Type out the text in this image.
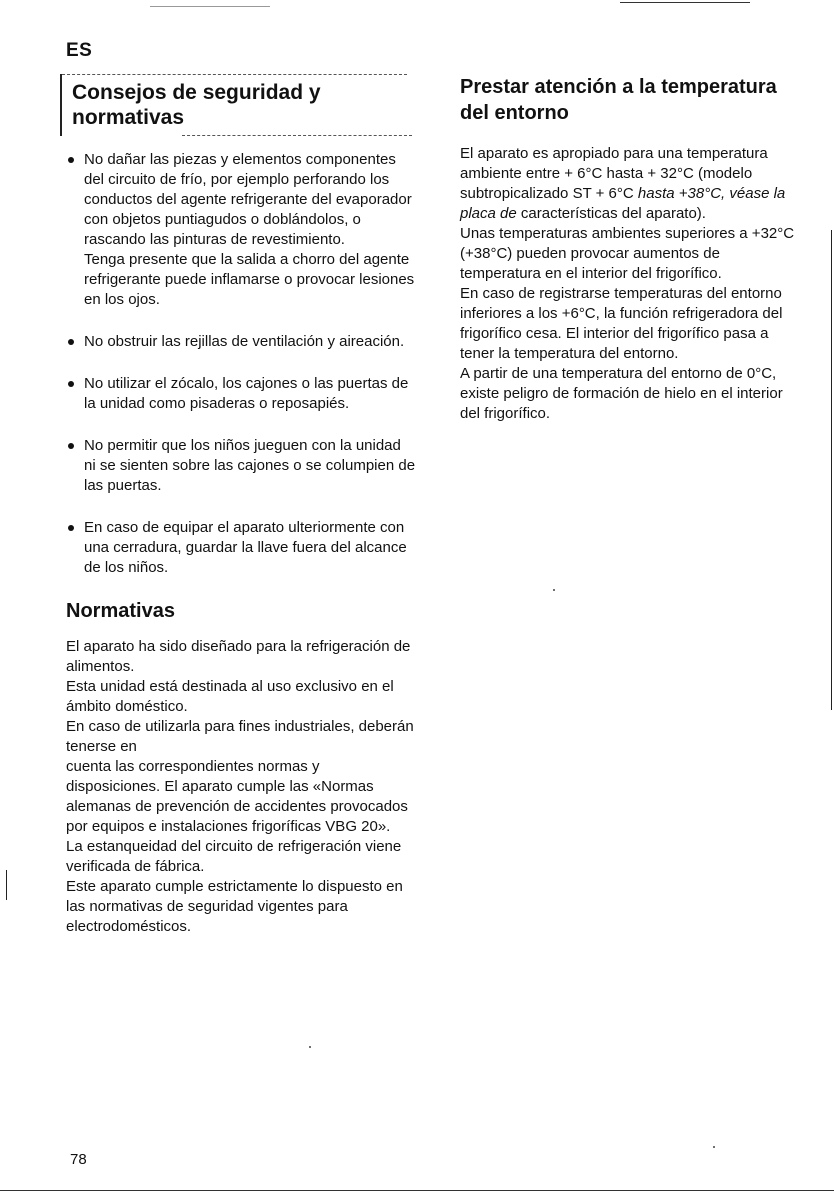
ES
Consejos de seguridad y normativas

No dañar las piezas y elementos componentes del circuito de frío, por ejemplo perforando los conductos del agente refrigerante del evaporador con objetos puntiagudos o doblándolos, o rascando las pinturas de revestimiento.

Tenga presente que la salida a chorro del agente refrigerante puede inflamarse o provocar lesiones en los ojos.

No obstruir las rejillas de ventilación y aireación.

No utilizar el zócalo, los cajones o las puertas de la unidad como pisaderas o reposapiés.

No permitir que los niños jueguen con la unidad ni se sienten sobre las cajones o se columpien de las puertas.

En caso de equipar el aparato ulteriormente con una cerradura, guardar la llave fuera del alcance de los niños.

Normativas

El aparato ha sido diseñado para la refrigeración de alimentos.

Esta unidad está destinada al uso exclusivo en el ámbito doméstico.

En caso de utilizarla para fines industriales, deberán tenerse en

cuenta las correspondientes normas y disposiciones. El aparato cumple las «Normas alemanas de prevención de accidentes provocados por equipos e instalaciones frigoríficas VBG 20».

La estanqueidad del circuito de refrigeración viene verificada de fábrica.

Este aparato cumple estrictamente lo dispuesto en las normativas de seguridad vigentes para electrodomésticos.

Prestar atención a la temperatura del entorno

El aparato es apropiado para una temperatura ambiente entre + 6°C hasta + 32°C (modelo subtropicalizado ST + 6°C hasta +38°C, véase la placa de características del aparato).

Unas temperaturas ambientes superiores a +32°C (+38°C) pueden provocar aumentos de temperatura en el interior del frigorífico.

En caso de registrarse temperaturas del entorno inferiores a los +6°C, la función refrigeradora del frigorífico cesa. El interior del frigorífico pasa a tener la temperatura del entorno.

A partir de una temperatura del entorno de 0°C, existe peligro de formación de hielo en el interior del frigorífico.

78
